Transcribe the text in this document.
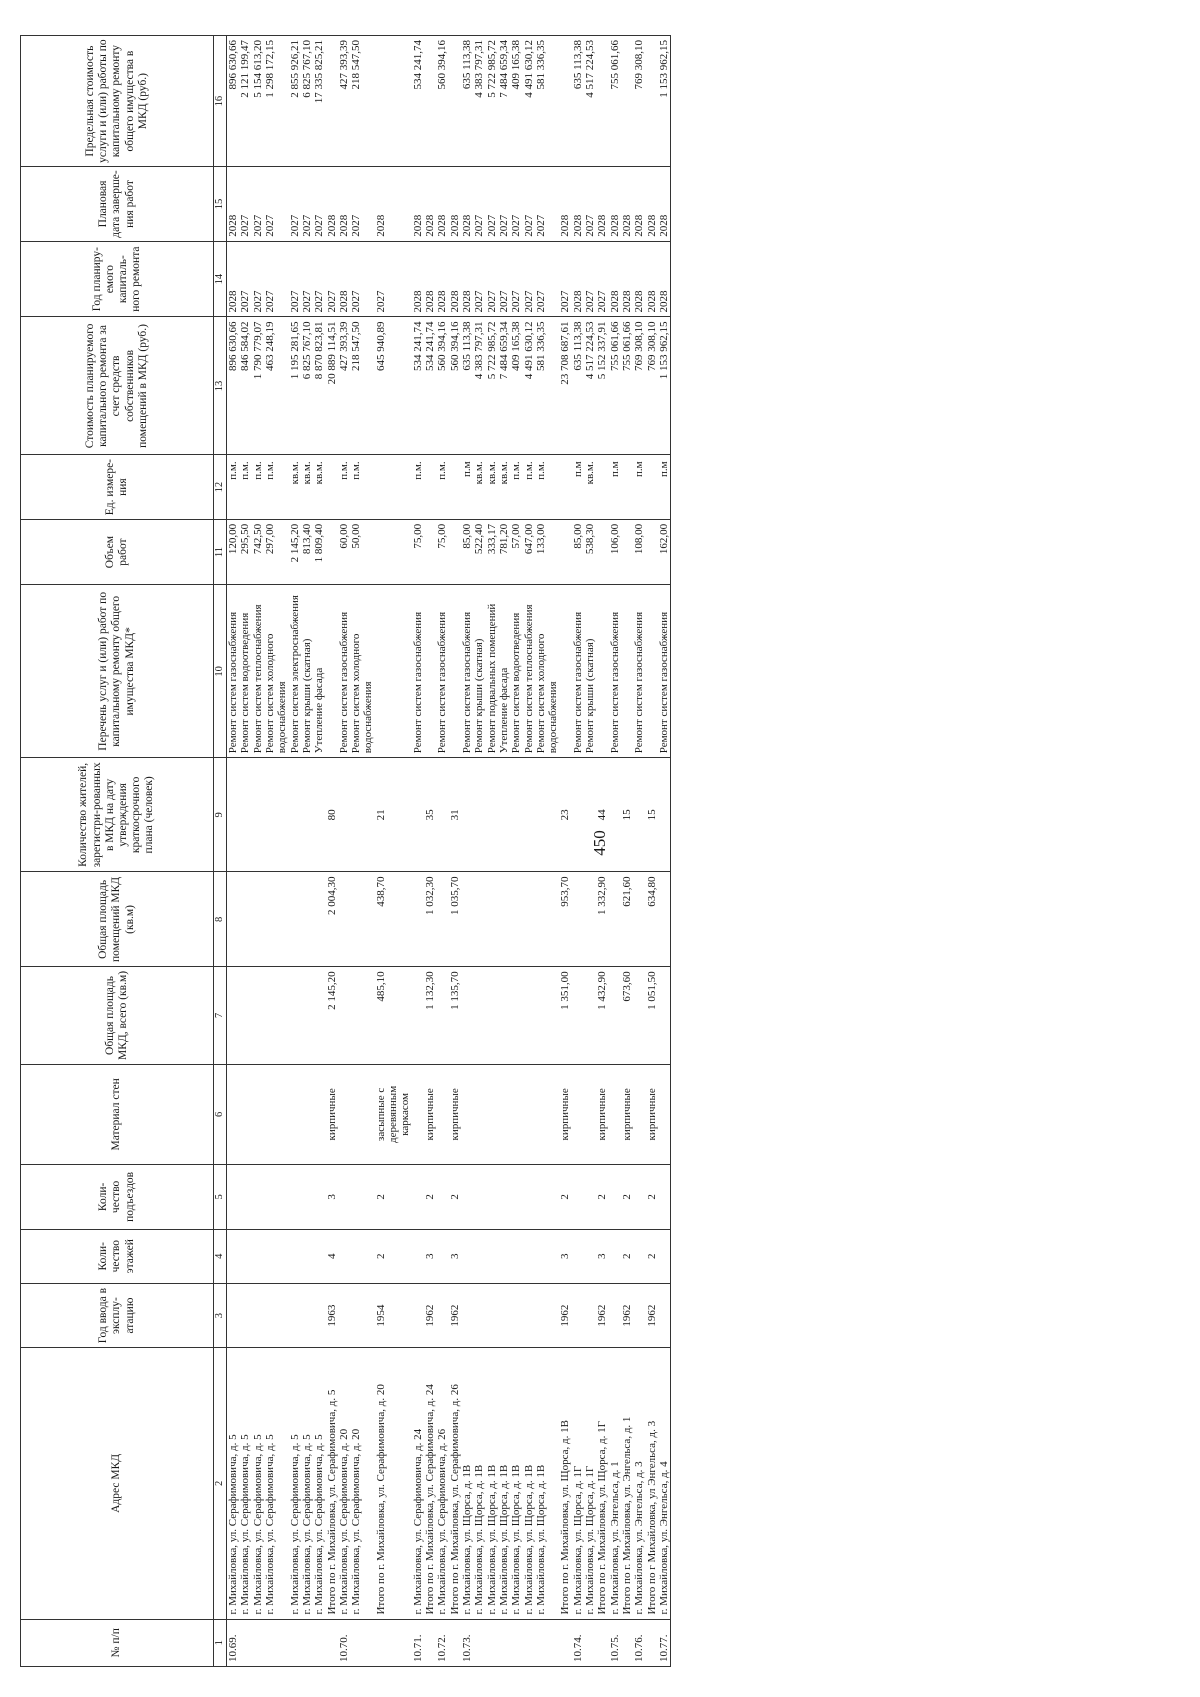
450
№ п/п	Адрес МКД	Год ввода в эксплу-атацию	Коли-чество этажей	Коли-чество подъездов	Материал стен	Общая площадь МКД, всего (кв.м)	Общая площадь помещений МКД (кв.м)	Количество жителей, зарегистри-рованных в МКД на дату утверждения краткосрочного плана (человек)	Перечень услуг и (или) работ по капитальному ремонту общего имущества МКД*	Объем работ	Ед. измере-ния	Стоимость планируемого капитального ремонта за счет средств собственников помещений в МКД (руб.)	Год планиру-емого капиталь-ного ремонта	Плановая дата заверше-ния работ	Предельная стоимость услуги и (или) работы по капитальному ремонту общего имущества в МКД (руб.)
1	2	3	4	5	6	7	8	9	10	11	12	13	14	15	16

10.69.	г. Михайловка, ул. Серафимовича, д. 5								Ремонт систем газоснабжения	120,00	п.м.	896 630,66	2028	2028	896 630,66

	г. Михайловка, ул. Серафимовича, д. 5								Ремонт систем водоотведения	295,50	п.м.	846 584,02	2027	2027	2 121 199,47

	г. Михайловка, ул. Серафимовича, д. 5								Ремонт систем теплоснабжения	742,50	п.м.	1 790 779,07	2027	2027	5 154 613,20

	г. Михайловка, ул. Серафимовича, д. 5								Ремонт систем холодного водоснабжения	297,00	п.м.	463 248,19	2027	2027	1 298 172,15

	г. Михайловка, ул. Серафимовича, д. 5								Ремонт систем электроснабжения	2 145,20	кв.м.	1 195 281,65	2027	2027	2 855 926,21

	г. Михайловка, ул. Серафимовича, д. 5								Ремонт крыши (скатная)	813,40	кв.м.	6 825 767,10	2027	2027	6 825 767,10

	г. Михайловка, ул. Серафимовича, д. 5								Утепление фасада	1 809,40	кв.м.	8 870 823,81	2027	2027	17 335 825,21

	Итого по г. Михайловка, ул. Серафимовича, д. 5	1963	4	3	кирпичные	2 145,20	2 004,30	80				20 889 114,51	2027	2028	

10.70.	г. Михайловка, ул. Серафимовича, д. 20								Ремонт систем газоснабжения	60,00	п.м.	427 393,39	2028	2028	427 393,39

	г. Михайловка, ул. Серафимовича, д. 20								Ремонт систем холодного водоснабжения	50,00	п.м.	218 547,50	2027	2027	218 547,50

	Итого по г. Михайловка, ул. Серафимовича, д. 20	1954	2	2	засыпные с деревянным каркасом	485,10	438,70	21				645 940,89	2027	2028	

10.71.	г. Михайловка, ул. Серафимовича, д. 24								Ремонт систем газоснабжения	75,00	п.м.	534 241,74	2028	2028	534 241,74

	Итого по г. Михайловка, ул. Серафимовича, д. 24	1962	3	2	кирпичные	1 132,30	1 032,30	35				534 241,74	2028	2028	

10.72.	г. Михайловка, ул. Серафимовича, д. 26								Ремонт систем газоснабжения	75,00	п.м.	560 394,16	2028	2028	560 394,16

	Итого по г. Михайловка, ул. Серафимовича, д. 26	1962	3	2	кирпичные	1 135,70	1 035,70	31				560 394,16	2028	2028	

10.73.	г. Михайловка, ул. Щорса, д. 1В								Ремонт систем газоснабжения	85,00	п.м	635 113,38	2028	2028	635 113,38

	г. Михайловка, ул. Щорса, д. 1В								Ремонт крыши (скатная)	522,40	кв.м.	4 383 797,31	2027	2027	4 383 797,31

	г. Михайловка, ул. Щорса, д. 1В								Ремонт подвальных помещений	333,17	кв.м.	5 722 985,72	2027	2027	5 722 985,72

	г. Михайловка, ул. Щорса, д. 1В								Утепление фасада	781,20	кв.м.	7 484 659,34	2027	2027	7 484 659,34

	г. Михайловка, ул. Щорса, д. 1В								Ремонт систем водоотведения	57,00	п.м.	409 165,38	2027	2027	409 165,38

	г. Михайловка, ул. Щорса, д. 1В								Ремонт систем теплоснабжения	647,00	п.м.	4 491 630,12	2027	2027	4 491 630,12

	г. Михайловка, ул. Щорса, д. 1В								Ремонт систем холодного водоснабжения	133,00	п.м.	581 336,35	2027	2027	581 336,35

	Итого по г. Михайловка, ул. Щорса, д. 1В	1962	3	2	кирпичные	1 351,00	953,70	23				23 708 687,61	2027	2028	

10.74.	г. Михайловка, ул. Щорса, д. 1Г								Ремонт систем газоснабжения	85,00	п.м	635 113,38	2028	2028	635 113,38

	г. Михайловка, ул. Щорса, д. 1Г								Ремонт крыши (скатная)	538,30	кв.м.	4 517 224,53	2027	2027	4 517 224,53

	Итого по г. Михайловка, ул. Щорса, д. 1Г	1962	3	2	кирпичные	1 432,90	1 332,90	44				5 152 337,91	2027	2028	

10.75.	г. Михайловка, ул. Энгельса, д. 1								Ремонт систем газоснабжения	106,00	п.м	755 061,66	2028	2028	755 061,66

	Итого по г. Михайловка, ул. Энгельса, д. 1	1962	2	2	кирпичные	673,60	621,60	15				755 061,66	2028	2028	

10.76.	г. Михайловка, ул. Энгельса, д. 3								Ремонт систем газоснабжения	108,00	п.м	769 308,10	2028	2028	769 308,10

	Итого по г Михайловка, ул Энгельса, д. 3	1962	2	2	кирпичные	1 051,50	634,80	15				769 308,10	2028	2028	

10.77.	г. Михайловка, ул. Энгельса, д. 4								Ремонт систем газоснабжения	162,00	п.м	1 153 962,15	2028	2028	1 153 962,15
